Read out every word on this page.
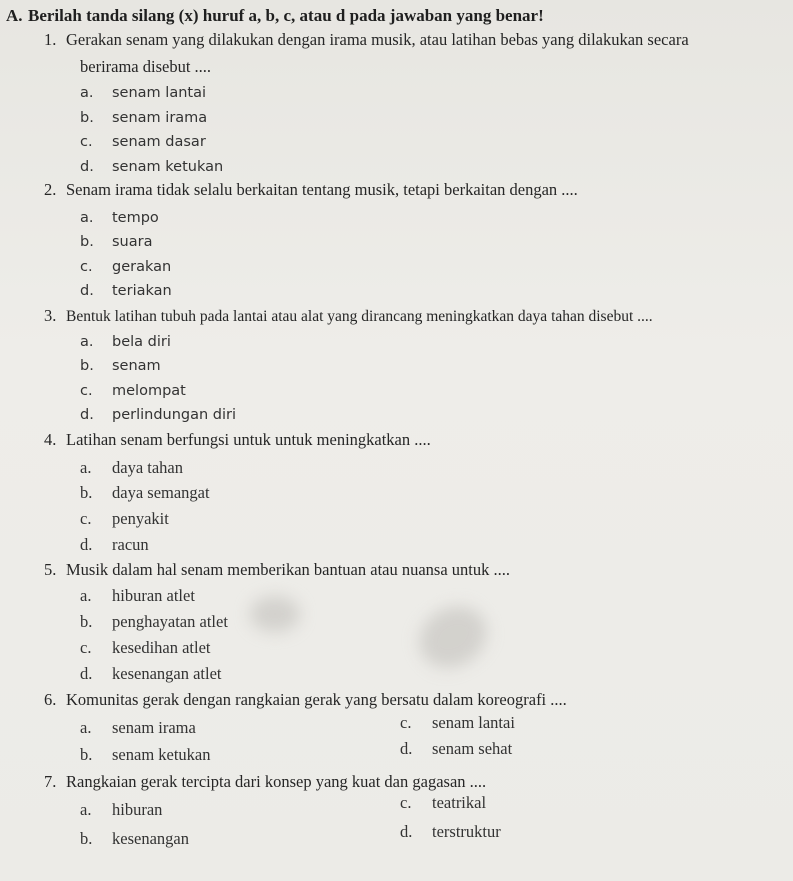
A. Berilah tanda silang (x) huruf a, b, c, atau d pada jawaban yang benar!
1. Gerakan senam yang dilakukan dengan irama musik, atau latihan bebas yang dilakukan secara
berirama disebut ....
a. senam lantai
b. senam irama
c. senam dasar
d. senam ketukan
2. Senam irama tidak selalu berkaitan tentang musik, tetapi berkaitan dengan ....
a. tempo
b. suara
c. gerakan
d. teriakan
3. Bentuk latihan tubuh pada lantai atau alat yang dirancang meningkatkan daya tahan disebut ....
a. bela diri
b. senam
c. melompat
d. perlindungan diri
4. Latihan senam berfungsi untuk untuk meningkatkan ....
a. daya tahan
b. daya semangat
c. penyakit
d. racun
5. Musik dalam hal senam memberikan bantuan atau nuansa untuk ....
a. hiburan atlet
b. penghayatan atlet
c. kesedihan atlet
d. kesenangan atlet
6. Komunitas gerak dengan rangkaian gerak yang bersatu dalam koreografi ....
a. senam irama
b. senam ketukan
c. senam lantai
d. senam sehat
7. Rangkaian gerak tercipta dari konsep yang kuat dan gagasan ....
a. hiburan
b. kesenangan
c. teatrikal
d. terstruktur
